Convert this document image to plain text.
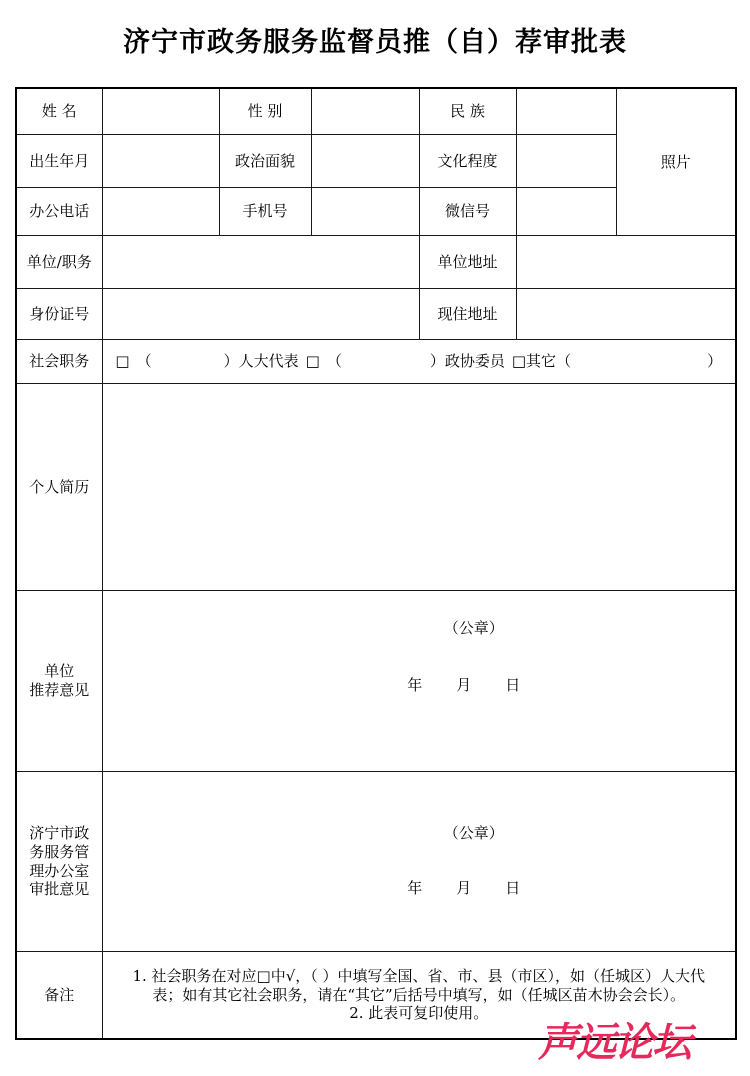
济宁市政务服务监督员推（自）荐审批表
姓 名		性 别		民 族		照片
出生年月		政治面貌		文化程度		
办公电话		手机号		微信号		
单位/职务				单位地址		
身份证号				现住地址		
社会职务	□ （ ）人大代表 □ （ ）政协委员 □其它（ ）					
个人简历						

单位
推荐意见

（公章）
年 月 日

济宁市政
务服务管
理办公室
审批意见

（公章）
年 月 日

备注	1. 社会职务在对应□中√，（ ）中填写全国、省、市、县（市区），如（任城区）人大代

表；如有其它社会职务，请在“其它”后括号中填写，如（任城区苗木协会会长）。

2. 此表可复印使用。					

声远论坛
